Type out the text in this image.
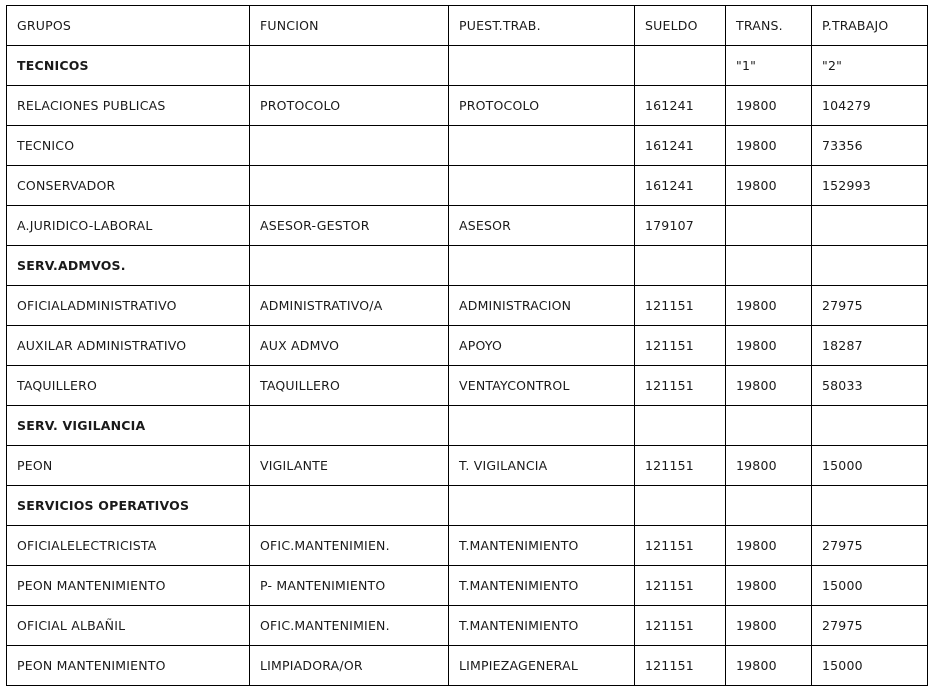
GRUPOS	FUNCION	PUEST.TRAB.	SUELDO	TRANS.	P.TRABAJO
TECNICOS				"1"	"2"
RELACIONES PUBLICAS	PROTOCOLO	PROTOCOLO	161241	19800	104279
TECNICO			161241	19800	73356
CONSERVADOR			161241	19800	152993
A.JURIDICO-LABORAL	ASESOR-GESTOR	ASESOR	179107		
SERV.ADMVOS.					
OFICIALADMINISTRATIVO	ADMINISTRATIVO/A	ADMINISTRACION	121151	19800	27975
AUXILAR ADMINISTRATIVO	AUX ADMVO	APOYO	121151	19800	18287
TAQUILLERO	TAQUILLERO	VENTAYCONTROL	121151	19800	58033
SERV. VIGILANCIA					
PEON	VIGILANTE	T. VIGILANCIA	121151	19800	15000
SERVICIOS OPERATIVOS					
OFICIALELECTRICISTA	OFIC.MANTENIMIEN.	T.MANTENIMIENTO	121151	19800	27975
PEON MANTENIMIENTO	P- MANTENIMIENTO	T.MANTENIMIENTO	121151	19800	15000
OFICIAL ALBAÑIL	OFIC.MANTENIMIEN.	T.MANTENIMIENTO	121151	19800	27975
PEON MANTENIMIENTO	LIMPIADORA/OR	LIMPIEZAGENERAL	121151	19800	15000
